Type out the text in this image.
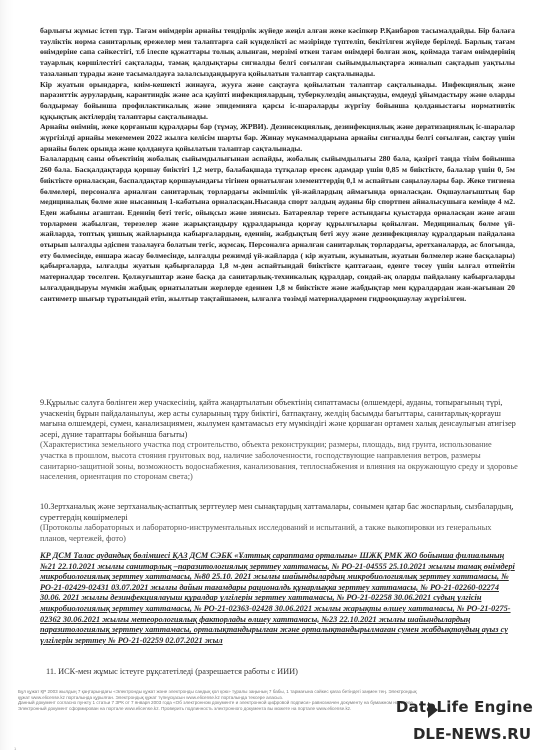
барлығы жұмыс істеп тұр. Тағам өнімдерін арнайы тендірлік жүйеде жеңіл алған жеке кәсіпкер Р.Қанбаров тасымалдайды. Бір балаға тәуліктік норма санитарлық ережелер мен талаптарға сай күнделікті ас мәзірінде түптеліп, бекітілген жүйеде беріледі. Барлық тағам өнімдеріне сапа сәйкестігі, т.б ілеспе құжаттары толық алынған, мерзімі өткен тағам өнімдері болған жоқ, қоймада тағам өнімдерінің тауарлық көршілестігі сақталады, тамақ қалдықтары сигналды белгі соғылған сыйымдылықтарға жиналып сақтадып уақтылы тазаланып тұрады жәнe тасымалдауға залалсыздандыруға қойылатын талаптар сақталынады.

Кір жуатын орындарға, киім-кешекті жинауға, жууға және сақтауға қойылатын талаптар сақталынады. Инфекциялық және паразиттік аурулардың, карантиндік және аса қауіпті инфекциялардың, туберкулездің анықтауды, емдеуді ұйымдастыру және оларды болдырмау бойынша профилактикалық және эпидемияға қарсы іс-шараларды жүргізу бойынша қолданыстағы нормативтік құқықтық актілердің талаптары сақталынады.

Арнайы өнімнің, жеке қорғаныш құралдары бар (тұмау, ЖРВИ). Дезинсекциялық, дезинфекциялық және дератизациялық іс-шаралар жүргізілді арнайы мекемемен 2022 жылға келісім шарты бар. Жинау мүкаммалдарына арнайы сигналды белгі соғылған, сақтау үшін арнайы бөлек орында және қолдануға қойылатын талаптар сақталынады.

Балалардың саны объектінің жобалық сыйымдылығынан аспайды, жобалық сыйымдылығы 280 бала, қазіргі таңда тізім бойынша 260 бала. Басқалдақтарда қоршау биіктігі 1,2 метр, балабақшада тұтқалар ересек адамдар үшін 0,85 м биіктікте, балалар үшін 0, 5м биіктікте орналасқан, баспалдақтар қоршауындағы тігінен орнатылған элементтердің 0,1 м аспайтын саңылаулары бар. Жеке тигиена бөлмелері, персоналға арналған санитарлық торлардағы әкімшілік үй-жайлардың аймағында орналасқан. Оқшаулағыштың бар медициналық бөлме жне нысанның 1-кабатына орналасқан.Нысанда спорт залдың ауданы бір спортпен айналысушыға кемінде 4 м2. Еден жабыны агаштан. Еденнің беті тегіс, ойықсыз және зиянсыз. Батареялар тереге астындағы қуыстарда орналасқан және ағаш торлармен жабылған, терезелер және жарықтандыру құралдарында қорғау құрылғылары қойылған. Медициналық бөлме үй-жайларда, топтық ұишық жайларында кабырғалардың, еденнің, жабдықтың беті жуу және дезинфекциялау құралдарын пайдалана отырып ылғалды әдіспен тазалауға болатын тегіс, жұмсақ. Персоналға арналған санитарлық торлардағы, әретханаларда, ас блогында, ету бөлмесінде, еншара жасау бөлмесінде, ылғалды режимді үй-жайларда ( кір жуатын, жуынатын, жуатын бөлмелер және басқалары) қабырғаларда, ылғалды жуатын қабырғаларда 1,8 м-ден аспайтындай биіктікте қаптағаан, еденге төсеу үшін ылғал өтпейтін материалдар төселген. Қолжуғыштар және басқа да санитарлық-техникалық құралдар, сондай-ақ оларды пайдалану кабырғаларды ылғалдандыруы мүмкін жабдық орнатылатын жерлерде еденнен 1,8 м биіктікте және жабдықтар мен құралдардан жан-жағынан 20 сантиметр шығыр тұратындай етіп, жылтыр тақтайшамен, ылғалға төзімді материалдармен гидрооқшаулау жүргізілген.

9.Құрылыс салуға бөлінген жер учаскесінің, қайта жаңартылатын объектінің сипаттамасы (өлшемдері, ауданы, топырағының түрі, учаскенің бұрын пайдаланылуы, жер асты суларының тұру биіктігі, батпақтану, желдің басымды бағыттары, санитарлық-қорғауш мағына өлшемдері, сумен, канализациямен, жылумен қамтамасыз ету мүмкіндігі және қоршаған ортамен халық денсаулығын атигізер әсері, дүние тараптары бойынша бағыты)

(Характеристика земельного участка под строительство, объекта реконструкции; размеры, площадь, вид грунта, использование участка в прошлом, высота стояния грунтовых вод, наличие заболоченности, господствующие направления ветров, размеры санитарно-защитной зоны, возможность водоснабжения, канализования, теплоснабжения и влияния на окружающую среду и здоровье населения, ориентация по сторонам света;)

10.Зертханалық және зертханалық-аспаптық зерттеулер мен сынақтардың хаттамалары, сонымен қатар бас жоспарлың, сызбалардың, суреттердің көшірмелері

(Протоколы лабораторных и лабораторно-инструментальных исследований и испытаний, а также выкопировки из генеральных планов, чертежей, фото)

КР ДСМ Талас аудандық бөлімшесі ҚАЗ ДСМ СЭБК «Ұлттық сараптама орталығы» ШЖҚ РМК ЖО бойынша филиалының №21 22.10.2021 жылғы санитарлық –паразитологиялық зерттеу хаттамасы, № РО-21-04555 25.10.2021 жылғы тамақ өнімдері микробиологиялық зерттеу хаттамасы, №80 25.10. 2021 жылғы шайындылардың микробиологиялық зерттеу хаттамасы, № РО-21-02429-02431 03.07.2021 жылғы дайын тағамдары рационалдь құнарлықка зерттеу хаттамасы, № РО-21-02260-02274 30.06. 2021 жылғы дезинфекциялауыш құралдар үлгілерін зерттеу хаттамасы, № РО-21-02258 30.06.2021 судың үлгісін микробиологиялық зерттеу хаттамасы, № РО-21-02363-02428 30.06.2021 жылғы жарықты өлшеу хаттамасы, № РО-21-0275-02362 30.06.2021 жылғы метеорологиялық факторлады өлшеу хаттамасы, №23 22.10.2021 жылғы шайындылардың паразитологиялық зерттеу хаттамасы, орталықтандырылған және орталықтандырылмаған сумен жабдықтаудың ауыз су үлгілерін зерттеу № РО-21-02259 02.07.2021 жыл

11. ИСК-мен жұмыс істеуге рұқсатетіледі (разрешается работы с ИИИ)

Бұл құжат ҚР 2003 жылдың 7 қаңтарындағы «Электронды құжат және электронды сандық қол қою» туралы заңының 7 бабы, 1 тармағына сәйкес қағаз бетіндегі заңмен тең. Электрондық құжат www.elicense.kz порталында құрылған. Электрондық құжат түпнұсқасын www.elicense.kz порталында тексере аласыз.

Данный документ согласно пункту 1 статьи 7 ЗРК от 7 января 2003 года «Об электронном документе и электронной цифровой подписи» равнозначен документу на бумажном носителе. Электронный документ сформирован на портале www.elicense.kz. Проверить подлинность электронного документа вы можете на портале www.elicense.kz.

1
DataLife Engine
DLE-NEWS.RU
